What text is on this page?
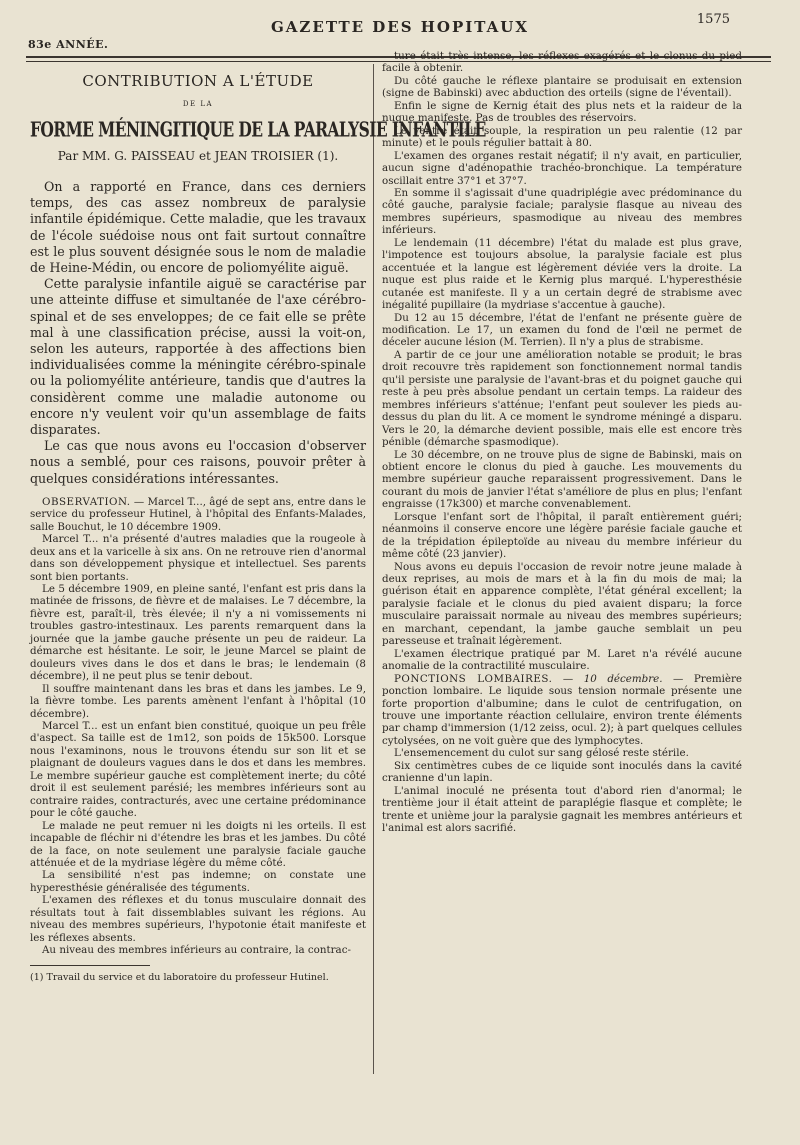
83e ANNÉE.
GAZETTE DES HOPITAUX	1575
CONTRIBUTION A L'ÉTUDE
DE LA
FORME MÉNINGITIQUE DE LA PARALYSIE INFANTILE
Par MM. G. PAISSEAU et JEAN TROISIER (1).

On a rapporté en France, dans ces derniers temps, des cas assez nombreux de paralysie infantile épidémique. Cette maladie, que les travaux de l'école suédoise nous ont fait surtout connaître est le plus souvent désignée sous le nom de maladie de Heine-Médin, ou encore de poliomyélite aiguë.

Cette paralysie infantile aiguë se caractérise par une atteinte diffuse et simultanée de l'axe cérébro-spinal et de ses enveloppes; de ce fait elle se prête mal à une classification précise, aussi la voit-on, selon les auteurs, rapportée à des affections bien individualisées comme la méningite cérébro-spinale ou la poliomyélite antérieure, tandis que d'autres la considèrent comme une maladie autonome ou encore n'y veulent voir qu'un assemblage de faits disparates.

Le cas que nous avons eu l'occasion d'observer nous a semblé, pour ces raisons, pouvoir prêter à quelques considérations intéressantes.

OBSERVATION. — Marcel T..., âgé de sept ans, entre dans le service du professeur Hutinel, à l'hôpital des Enfants-Malades, salle Bouchut, le 10 décembre 1909.

Marcel T... n'a présenté d'autres maladies que la rougeole à deux ans et la varicelle à six ans. On ne retrouve rien d'anormal dans son développement physique et intellectuel. Ses parents sont bien portants.

Le 5 décembre 1909, en pleine santé, l'enfant est pris dans la matinée de frissons, de fièvre et de malaises. Le 7 décembre, la fièvre est, paraît-il, très élevée; il n'y a ni vomissements ni troubles gastro-intestinaux. Les parents remarquent dans la journée que la jambe gauche présente un peu de raideur. La démarche est hésitante. Le soir, le jeune Marcel se plaint de douleurs vives dans le dos et dans le bras; le lendemain (8 décembre), il ne peut plus se tenir debout.

Il souffre maintenant dans les bras et dans les jambes. Le 9, la fièvre tombe. Les parents amènent l'enfant à l'hôpital (10 décembre).

Marcel T... est un enfant bien constitué, quoique un peu frêle d'aspect. Sa taille est de 1m12, son poids de 15k500. Lorsque nous l'examinons, nous le trouvons étendu sur son lit et se plaignant de douleurs vagues dans le dos et dans les membres. Le membre supérieur gauche est complètement inerte; du côté droit il est seulement parésié; les membres inférieurs sont au contraire raides, contracturés, avec une certaine prédominance pour le côté gauche.

Le malade ne peut remuer ni les doigts ni les orteils. Il est incapable de fléchir ni d'étendre les bras et les jambes. Du côté de la face, on note seulement une paralysie faciale gauche atténuée et de la mydriase légère du même côté.

La sensibilité n'est pas indemne; on constate une hyperesthésie généralisée des téguments.

L'examen des réflexes et du tonus musculaire donnait des résultats tout à fait dissemblables suivant les régions. Au niveau des membres supérieurs, l'hypotonie était manifeste et les réflexes absents.

Au niveau des membres inférieurs au contraire, la contrac-

(1) Travail du service et du laboratoire du professeur Hutinel.

ture était très intense, les réflexes exagérés et le clonus du pied facile à obtenir.

Du côté gauche le réflexe plantaire se produisait en extension (signe de Babinski) avec abduction des orteils (signe de l'éventail).

Enfin le signe de Kernig était des plus nets et la raideur de la nuque manifeste. Pas de troubles des réservoirs.

Le ventre était souple, la respiration un peu ralentie (12 par minute) et le pouls régulier battait à 80.

L'examen des organes restait négatif; il n'y avait, en particulier, aucun signe d'adénopathie trachéo-bronchique. La température oscillait entre 37°1 et 37°7.

En somme il s'agissait d'une quadriplégie avec prédominance du côté gauche, paralysie faciale; paralysie flasque au niveau des membres supérieurs, spasmodique au niveau des membres inférieurs.

Le lendemain (11 décembre) l'état du malade est plus grave, l'impotence est toujours absolue, la paralysie faciale est plus accentuée et la langue est légèrement déviée vers la droite. La nuque est plus raide et le Kernig plus marqué. L'hyperesthésie cutanée est manifeste. Il y a un certain degré de strabisme avec inégalité pupillaire (la mydriase s'accentue à gauche).

Du 12 au 15 décembre, l'état de l'enfant ne présente guère de modification. Le 17, un examen du fond de l'œil ne permet de déceler aucune lésion (M. Terrien). Il n'y a plus de strabisme.

A partir de ce jour une amélioration notable se produit; le bras droit recouvre très rapidement son fonctionnement normal tandis qu'il persiste une paralysie de l'avant-bras et du poignet gauche qui reste à peu près absolue pendant un certain temps. La raideur des membres inférieurs s'atténue; l'enfant peut soulever les pieds au-dessus du plan du lit. A ce moment le syndrome méningé a disparu. Vers le 20, la démarche devient possible, mais elle est encore très pénible (démarche spasmodique).

Le 30 décembre, on ne trouve plus de signe de Babinski, mais on obtient encore le clonus du pied à gauche. Les mouvements du membre supérieur gauche reparaissent progressivement. Dans le courant du mois de janvier l'état s'améliore de plus en plus; l'enfant engraisse (17k300) et marche convenablement.

Lorsque l'enfant sort de l'hôpital, il paraît entièrement guéri; néanmoins il conserve encore une légère parésie faciale gauche et de la trépidation épileptoïde au niveau du membre inférieur du même côté (23 janvier).

Nous avons eu depuis l'occasion de revoir notre jeune malade à deux reprises, au mois de mars et à la fin du mois de mai; la guérison était en apparence complète, l'état général excellent; la paralysie faciale et le clonus du pied avaient disparu; la force musculaire paraissait normale au niveau des membres supérieurs; en marchant, cependant, la jambe gauche semblait un peu paresseuse et traînait légèrement.

L'examen électrique pratiqué par M. Laret n'a révélé aucune anomalie de la contractilité musculaire.

PONCTIONS LOMBAIRES. — 10 décembre. — Première ponction lombaire. Le liquide sous tension normale présente une forte proportion d'albumine; dans le culot de centrifugation, on trouve une importante réaction cellulaire, environ trente éléments par champ d'immersion (1/12 zeiss, ocul. 2); à part quelques cellules cytolysées, on ne voit guère que des lymphocytes.

L'ensemencement du culot sur sang gélosé reste stérile.

Six centimètres cubes de ce liquide sont inoculés dans la cavité cranienne d'un lapin.

L'animal inoculé ne présenta tout d'abord rien d'anormal; le trentième jour il était atteint de paraplégie flasque et complète; le trente et unième jour la paralysie gagnait les membres antérieurs et l'animal est alors sacrifié.
